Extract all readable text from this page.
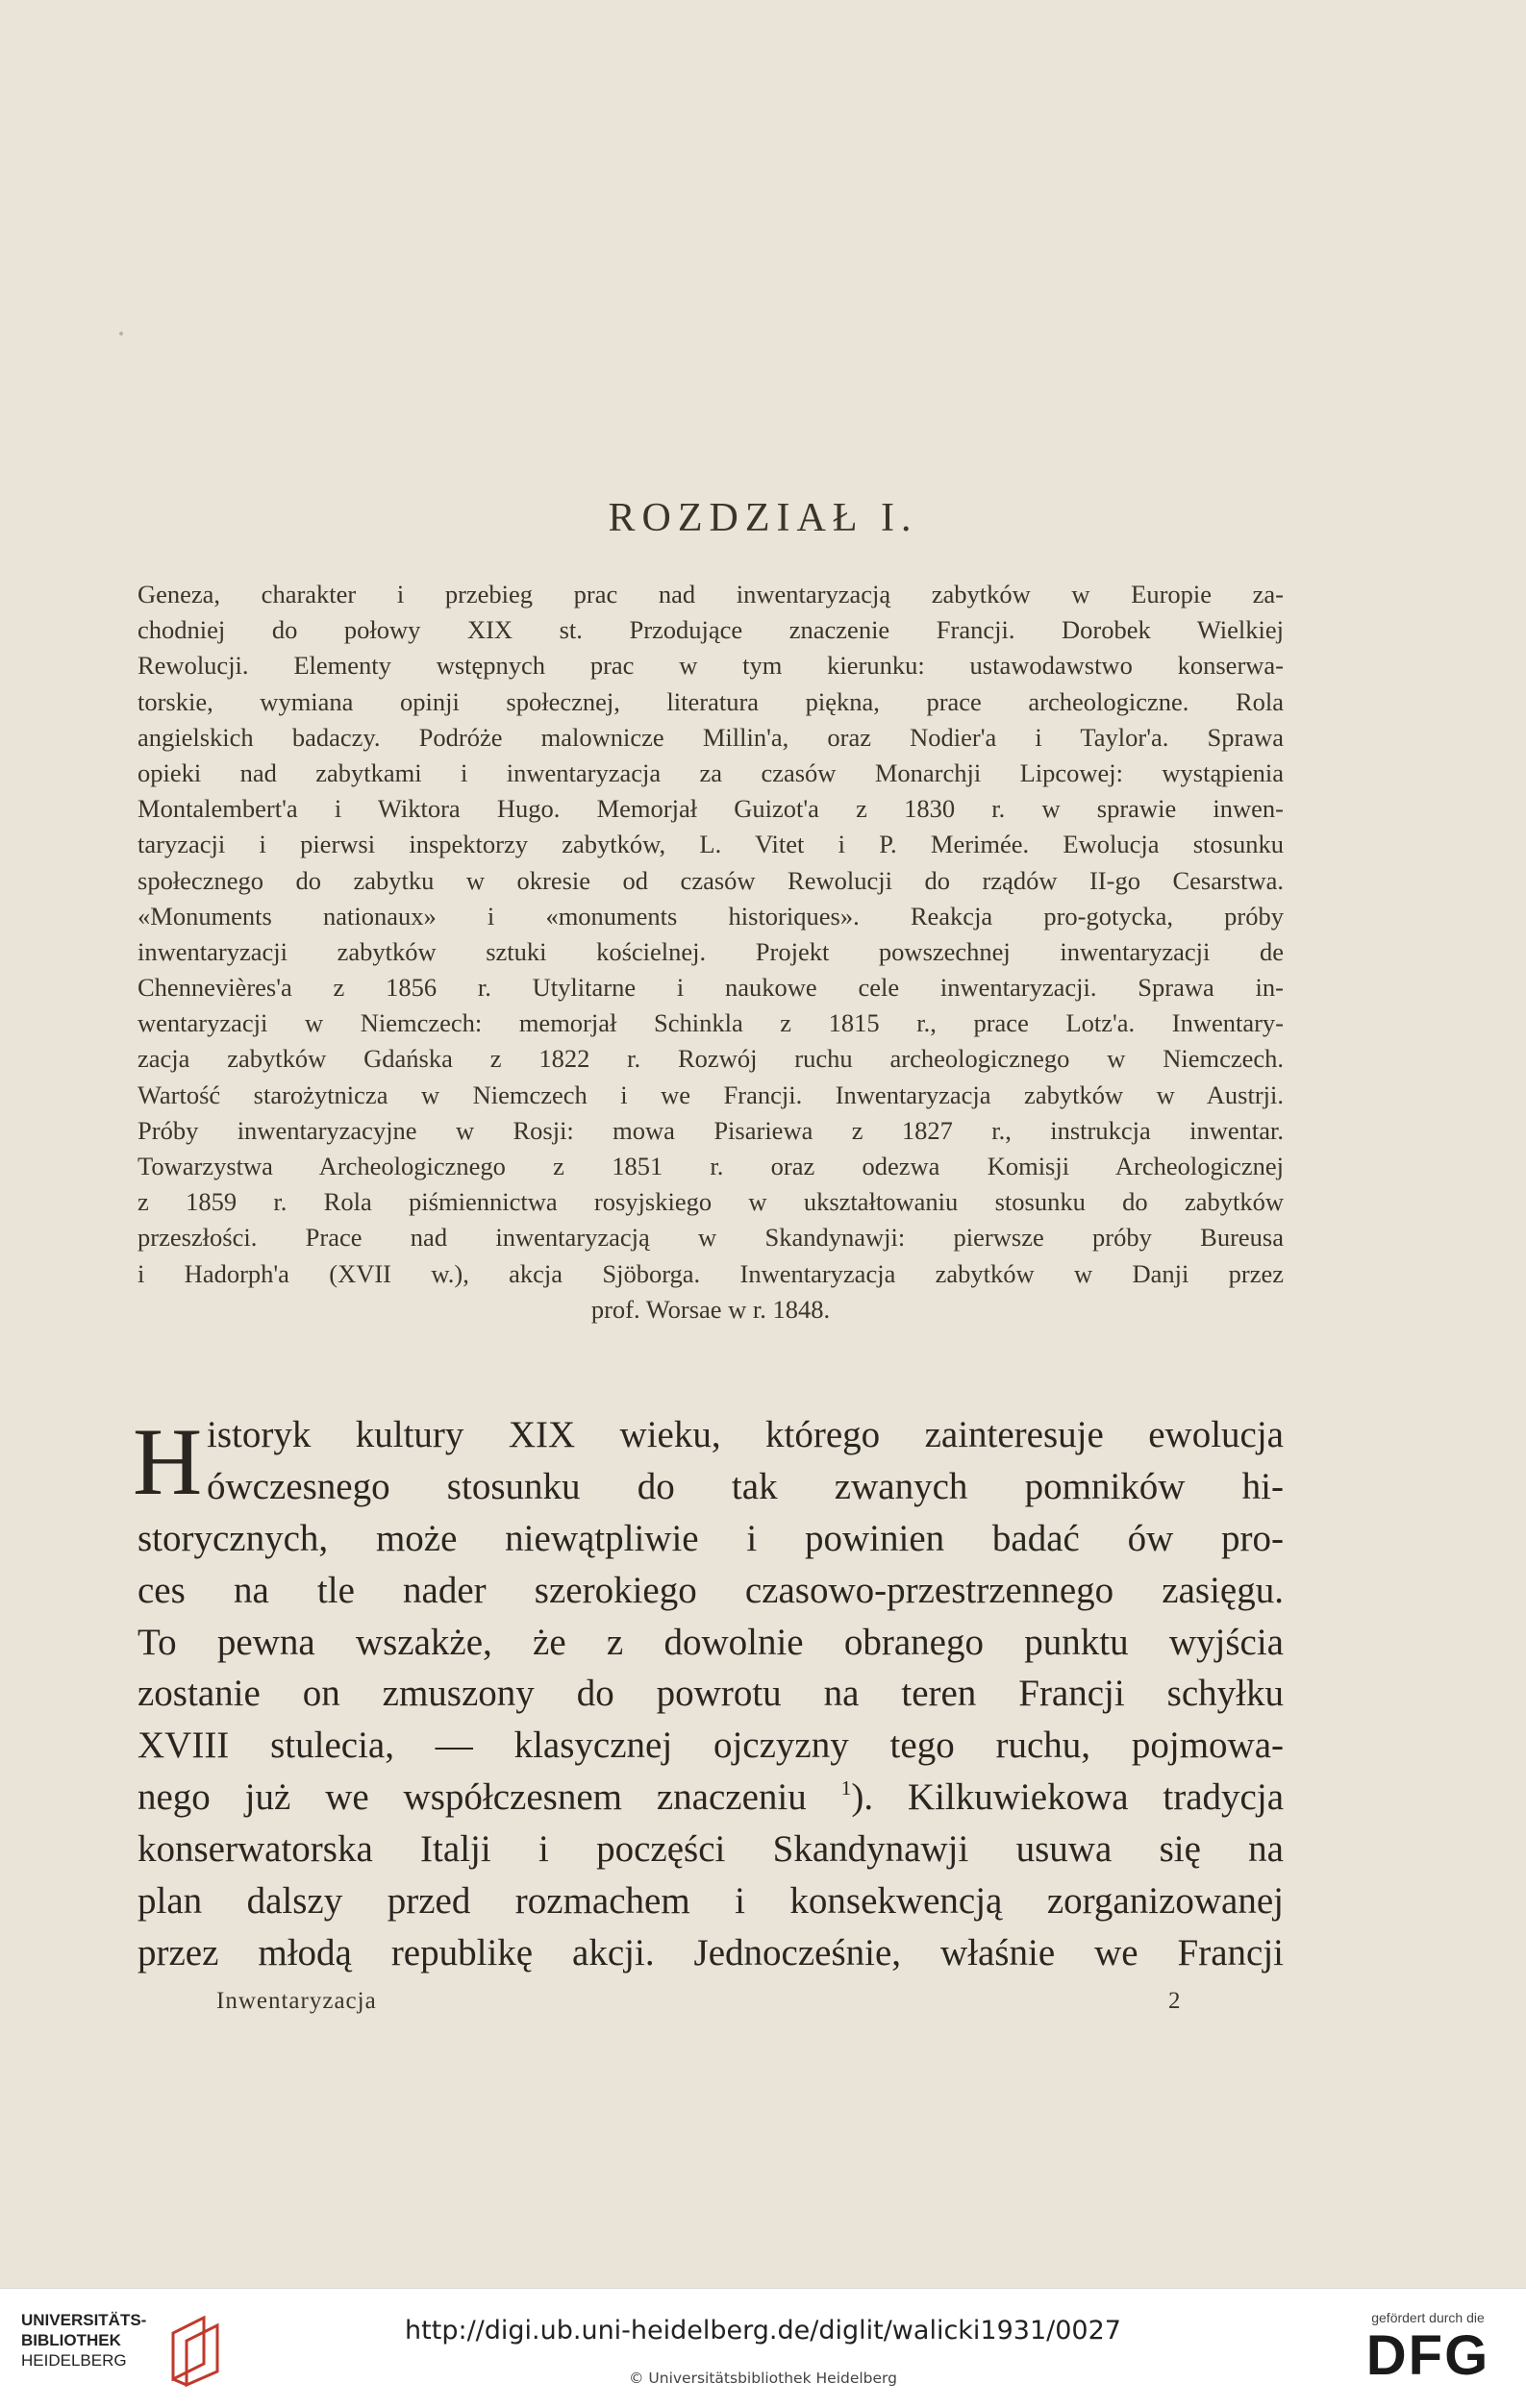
ROZDZIAŁ I.
Geneza, charakter i przebieg prac nad inwentaryzacją zabytków w Europie za-
chodniej do połowy XIX st. Przodujące znaczenie Francji. Dorobek Wielkiej
Rewolucji. Elementy wstępnych prac w tym kierunku: ustawodawstwo konserwa-
torskie, wymiana opinji społecznej, literatura piękna, prace archeologiczne. Rola
angielskich badaczy. Podróże malownicze Millin'a, oraz Nodier'a i Taylor'a. Sprawa
opieki nad zabytkami i inwentaryzacja za czasów Monarchji Lipcowej: wystąpienia
Montalembert'a i Wiktora Hugo. Memorjał Guizot'a z 1830 r. w sprawie inwen-
taryzacji i pierwsi inspektorzy zabytków, L. Vitet i P. Merimée. Ewolucja stosunku
społecznego do zabytku w okresie od czasów Rewolucji do rządów II-go Cesarstwa.
«Monuments nationaux» i «monuments historiques». Reakcja pro-gotycka, próby
inwentaryzacji zabytków sztuki kościelnej. Projekt powszechnej inwentaryzacji de
Chennevières'a z 1856 r. Utylitarne i naukowe cele inwentaryzacji. Sprawa in-
wentaryzacji w Niemczech: memorjał Schinkla z 1815 r., prace Lotz'a. Inwentary-
zacja zabytków Gdańska z 1822 r. Rozwój ruchu archeologicznego w Niemczech.
Wartość starożytnicza w Niemczech i we Francji. Inwentaryzacja zabytków w Austrji.
Próby inwentaryzacyjne w Rosji: mowa Pisariewa z 1827 r., instrukcja inwentar.
Towarzystwa Archeologicznego z 1851 r. oraz odezwa Komisji Archeologicznej
z 1859 r. Rola piśmiennictwa rosyjskiego w ukształtowaniu stosunku do zabytków
przeszłości. Prace nad inwentaryzacją w Skandynawji: pierwsze próby Bureusa
i Hadorph'a (XVII w.), akcja Sjöborga. Inwentaryzacja zabytków w Danji przez
prof. Worsae w r. 1848.
H istoryk kultury XIX wieku, którego zainteresuje ewolucja
ówczesnego stosunku do tak zwanych pomników hi-
storycznych, może niewątpliwie i powinien badać ów pro-
ces na tle nader szerokiego czasowo-przestrzennego zasięgu.
To pewna wszakże, że z dowolnie obranego punktu wyjścia
zostanie on zmuszony do powrotu na teren Francji schyłku
XVIII stulecia, — klasycznej ojczyzny tego ruchu, pojmowa-
nego już we współczesnem znaczeniu $^1$). Kilkuwiekowa tradycja
konserwatorska Italji i poczęści Skandynawji usuwa się na
plan dalszy przed rozmachem i konsekwencją zorganizowanej
przez młodą republikę akcji. Jednocześnie, właśnie we Francji
Inwentaryzacja	2
UNIVERSITÄTS-
BIBLIOTHEK
HEIDELBERG
http://digi.ub.uni-heidelberg.de/diglit/walicki1931/0027
© Universitätsbibliothek Heidelberg
gefördert durch die
DFG
